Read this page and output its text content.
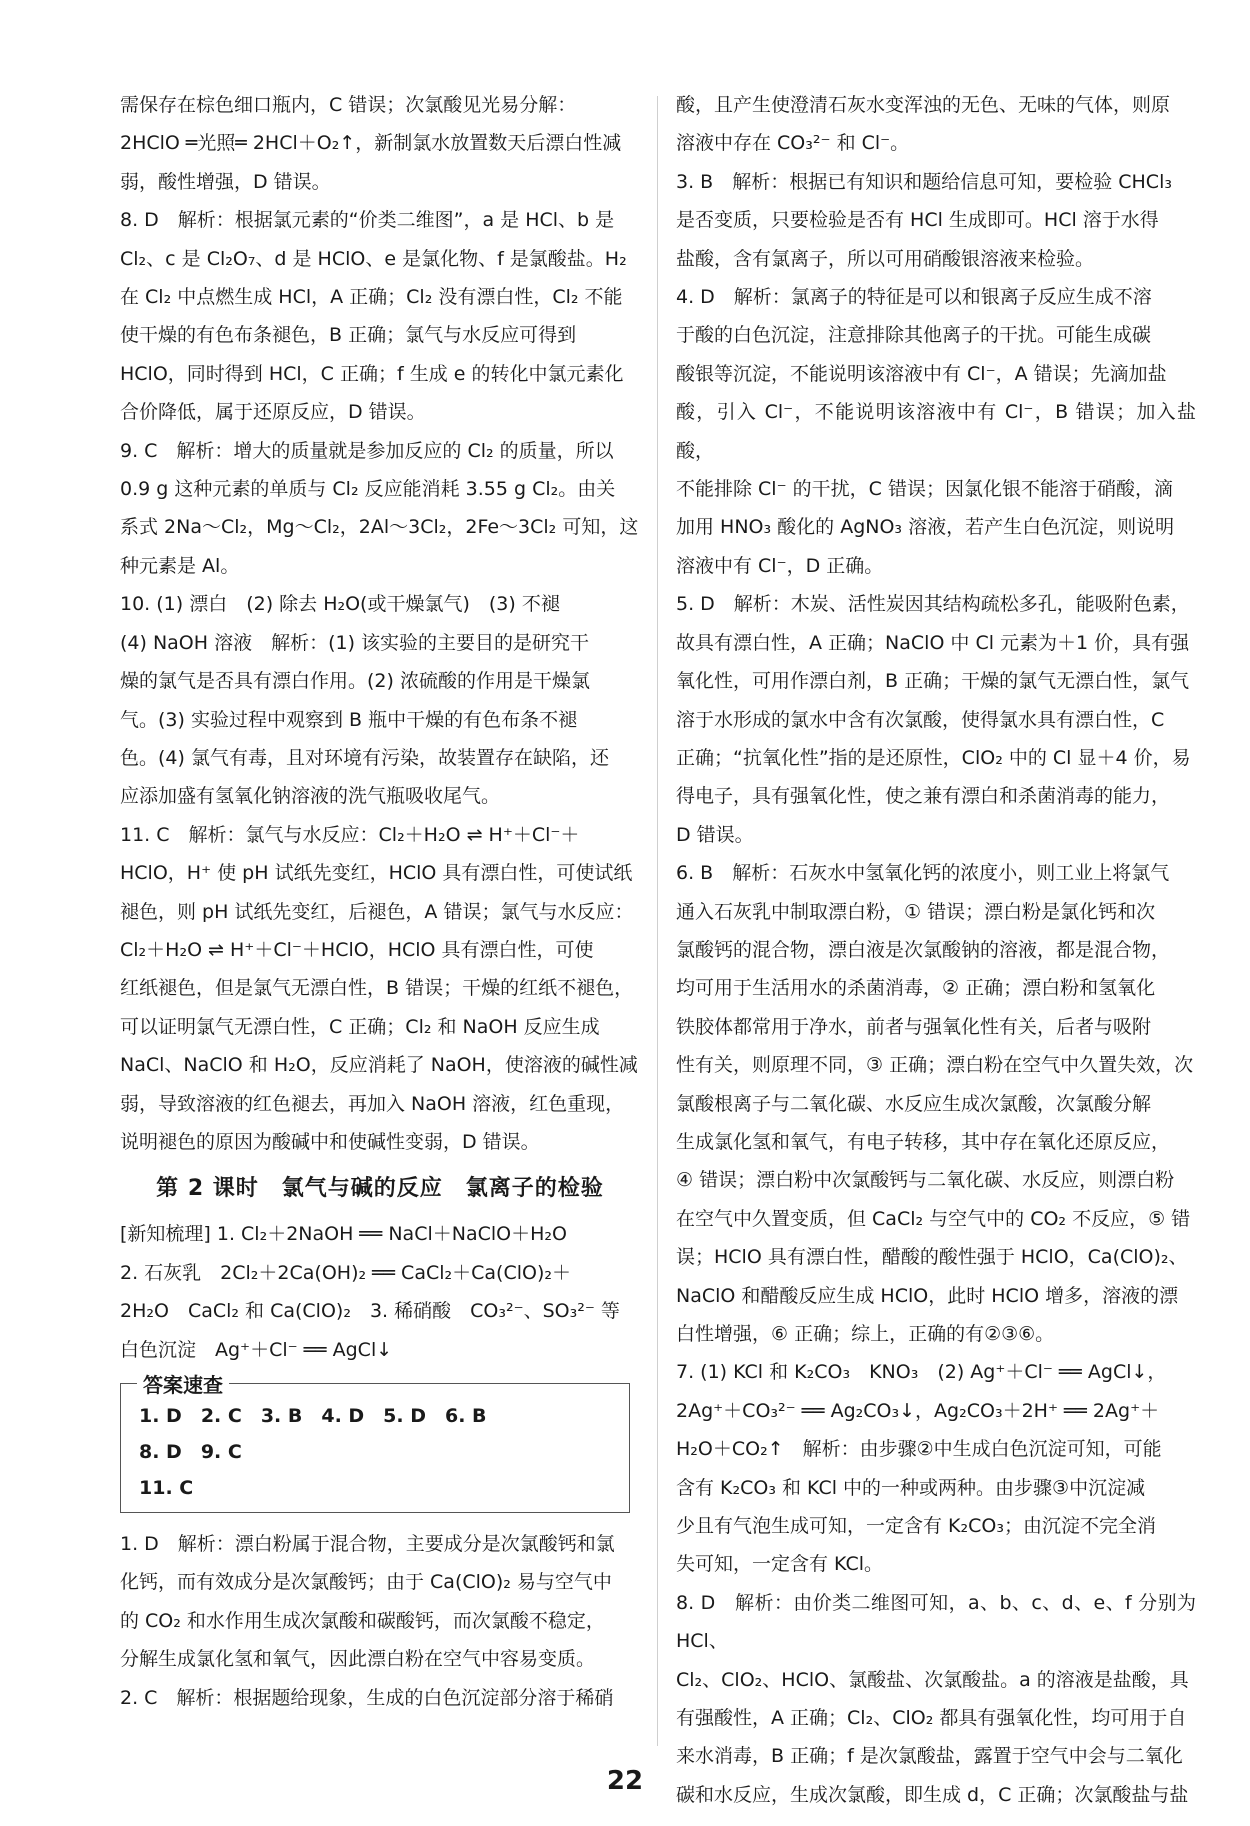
需保存在棕色细口瓶内，C 错误；次氯酸见光易分解：

2HClO ═光照═ 2HCl＋O₂↑，新制氯水放置数天后漂白性减

弱，酸性增强，D 错误。

8. D　解析：根据氯元素的“价类二维图”，a 是 HCl、b 是

Cl₂、c 是 Cl₂O₇、d 是 HClO、e 是氯化物、f 是氯酸盐。H₂

在 Cl₂ 中点燃生成 HCl，A 正确；Cl₂ 没有漂白性，Cl₂ 不能

使干燥的有色布条褪色，B 正确；氯气与水反应可得到

HClO，同时得到 HCl，C 正确；f 生成 e 的转化中氯元素化

合价降低，属于还原反应，D 错误。

9. C　解析：增大的质量就是参加反应的 Cl₂ 的质量，所以

0.9 g 这种元素的单质与 Cl₂ 反应能消耗 3.55 g Cl₂。由关

系式 2Na～Cl₂，Mg～Cl₂，2Al～3Cl₂，2Fe～3Cl₂ 可知，这

种元素是 Al。

10. (1) 漂白　(2) 除去 H₂O(或干燥氯气)　(3) 不褪

(4) NaOH 溶液　解析：(1) 该实验的主要目的是研究干

燥的氯气是否具有漂白作用。(2) 浓硫酸的作用是干燥氯

气。(3) 实验过程中观察到 B 瓶中干燥的有色布条不褪

色。(4) 氯气有毒，且对环境有污染，故装置存在缺陷，还

应添加盛有氢氧化钠溶液的洗气瓶吸收尾气。

11. C　解析：氯气与水反应：Cl₂＋H₂O ⇌ H⁺＋Cl⁻＋

HClO，H⁺ 使 pH 试纸先变红，HClO 具有漂白性，可使试纸

褪色，则 pH 试纸先变红，后褪色，A 错误；氯气与水反应：

Cl₂＋H₂O ⇌ H⁺＋Cl⁻＋HClO，HClO 具有漂白性，可使

红纸褪色，但是氯气无漂白性，B 错误；干燥的红纸不褪色，

可以证明氯气无漂白性，C 正确；Cl₂ 和 NaOH 反应生成

NaCl、NaClO 和 H₂O，反应消耗了 NaOH，使溶液的碱性减

弱，导致溶液的红色褪去，再加入 NaOH 溶液，红色重现，

说明褪色的原因为酸碱中和使碱性变弱，D 错误。

第 2 课时　氯气与碱的反应　氯离子的检验

[新知梳理] 1. Cl₂＋2NaOH ══ NaCl＋NaClO＋H₂O

2. 石灰乳　2Cl₂＋2Ca(OH)₂ ══ CaCl₂＋Ca(ClO)₂＋

2H₂O　CaCl₂ 和 Ca(ClO)₂　3. 稀硝酸　CO₃²⁻、SO₃²⁻ 等

白色沉淀　Ag⁺＋Cl⁻ ══ AgCl↓

答案速查
1. D　2. C　3. B　4. D　5. D　6. B
8. D　9. C
11. C

1. D　解析：漂白粉属于混合物，主要成分是次氯酸钙和氯

化钙，而有效成分是次氯酸钙；由于 Ca(ClO)₂ 易与空气中

的 CO₂ 和水作用生成次氯酸和碳酸钙，而次氯酸不稳定，

分解生成氯化氢和氧气，因此漂白粉在空气中容易变质。

2. C　解析：根据题给现象，生成的白色沉淀部分溶于稀硝

酸，且产生使澄清石灰水变浑浊的无色、无味的气体，则原

溶液中存在 CO₃²⁻ 和 Cl⁻。

3. B　解析：根据已有知识和题给信息可知，要检验 CHCl₃

是否变质，只要检验是否有 HCl 生成即可。HCl 溶于水得

盐酸，含有氯离子，所以可用硝酸银溶液来检验。

4. D　解析：氯离子的特征是可以和银离子反应生成不溶

于酸的白色沉淀，注意排除其他离子的干扰。可能生成碳

酸银等沉淀，不能说明该溶液中有 Cl⁻，A 错误；先滴加盐

酸，引入 Cl⁻，不能说明该溶液中有 Cl⁻，B 错误；加入盐酸，

不能排除 Cl⁻ 的干扰，C 错误；因氯化银不能溶于硝酸，滴

加用 HNO₃ 酸化的 AgNO₃ 溶液，若产生白色沉淀，则说明

溶液中有 Cl⁻，D 正确。

5. D　解析：木炭、活性炭因其结构疏松多孔，能吸附色素，

故具有漂白性，A 正确；NaClO 中 Cl 元素为＋1 价，具有强

氧化性，可用作漂白剂，B 正确；干燥的氯气无漂白性，氯气

溶于水形成的氯水中含有次氯酸，使得氯水具有漂白性，C

正确；“抗氧化性”指的是还原性，ClO₂ 中的 Cl 显＋4 价，易

得电子，具有强氧化性，使之兼有漂白和杀菌消毒的能力，

D 错误。

6. B　解析：石灰水中氢氧化钙的浓度小，则工业上将氯气

通入石灰乳中制取漂白粉，① 错误；漂白粉是氯化钙和次

氯酸钙的混合物，漂白液是次氯酸钠的溶液，都是混合物，

均可用于生活用水的杀菌消毒，② 正确；漂白粉和氢氧化

铁胶体都常用于净水，前者与强氧化性有关，后者与吸附

性有关，则原理不同，③ 正确；漂白粉在空气中久置失效，次

氯酸根离子与二氧化碳、水反应生成次氯酸，次氯酸分解

生成氯化氢和氧气，有电子转移，其中存在氧化还原反应，

④ 错误；漂白粉中次氯酸钙与二氧化碳、水反应，则漂白粉

在空气中久置变质，但 CaCl₂ 与空气中的 CO₂ 不反应，⑤ 错

误；HClO 具有漂白性，醋酸的酸性强于 HClO，Ca(ClO)₂、

NaClO 和醋酸反应生成 HClO，此时 HClO 增多，溶液的漂

白性增强，⑥ 正确；综上，正确的有②③⑥。

7. (1) KCl 和 K₂CO₃　KNO₃　(2) Ag⁺＋Cl⁻ ══ AgCl↓，

2Ag⁺＋CO₃²⁻ ══ Ag₂CO₃↓，Ag₂CO₃＋2H⁺ ══ 2Ag⁺＋

H₂O＋CO₂↑　解析：由步骤②中生成白色沉淀可知，可能

含有 K₂CO₃ 和 KCl 中的一种或两种。由步骤③中沉淀减

少且有气泡生成可知，一定含有 K₂CO₃；由沉淀不完全消

失可知，一定含有 KCl。

8. D　解析：由价类二维图可知，a、b、c、d、e、f 分别为 HCl、

Cl₂、ClO₂、HClO、氯酸盐、次氯酸盐。a 的溶液是盐酸，具

有强酸性，A 正确；Cl₂、ClO₂ 都具有强氧化性，均可用于自

来水消毒，B 正确；f 是次氯酸盐，露置于空气中会与二氧化

碳和水反应，生成次氯酸，即生成 d，C 正确；次氯酸盐与盐

22
